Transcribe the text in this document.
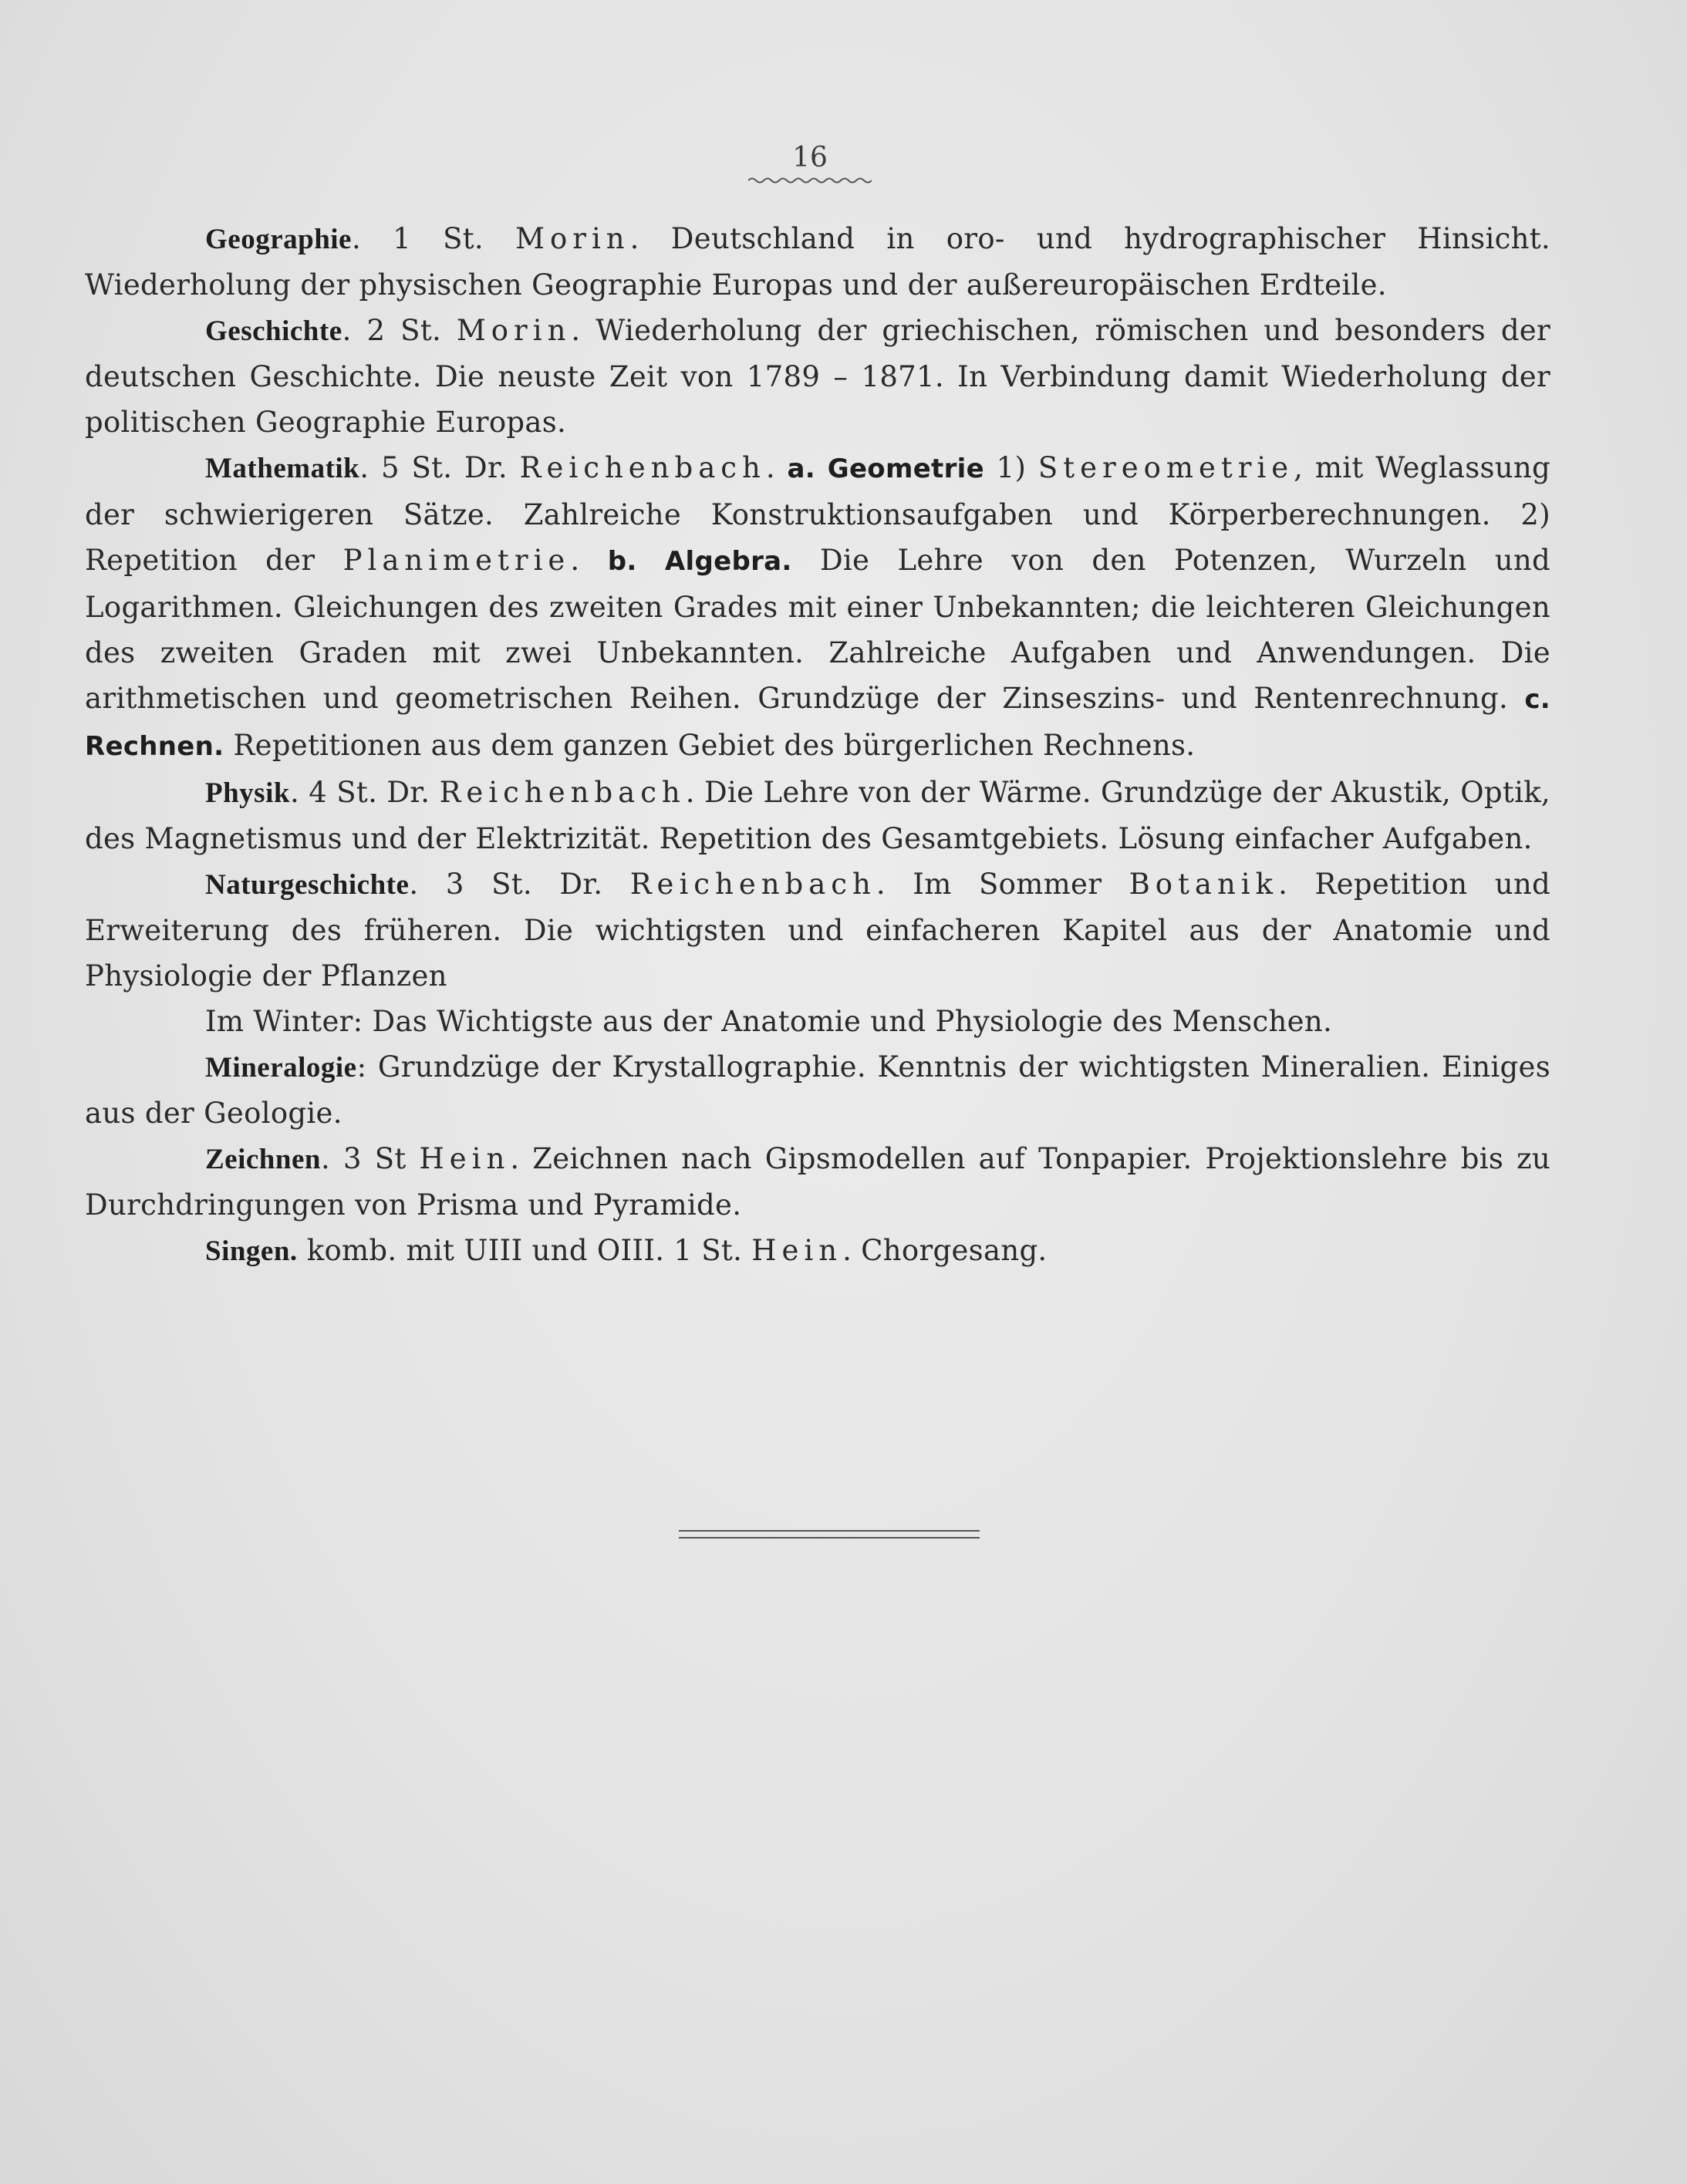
16

Geographie. 1 St. Morin. Deutschland in oro- und hydrographischer Hinsicht. Wiederholung der physischen Geographie Europas und der außereuropäischen Erdteile.

Geschichte. 2 St. Morin. Wiederholung der griechischen, römischen und besonders der deutschen Geschichte. Die neuste Zeit von 1789 – 1871. In Verbindung damit Wiederholung der politischen Geographie Europas.

Mathematik. 5 St. Dr. Reichenbach. a. Geometrie 1) Stereometrie, mit Weglassung der schwierigeren Sätze. Zahlreiche Konstruktionsaufgaben und Körperberechnungen. 2) Repetition der Planimetrie. b. Algebra. Die Lehre von den Potenzen, Wurzeln und Logarithmen. Gleichungen des zweiten Grades mit einer Unbekannten; die leichteren Gleichungen des zweiten Graden mit zwei Unbekannten. Zahlreiche Aufgaben und Anwendungen. Die arithmetischen und geometrischen Reihen. Grundzüge der Zinseszins- und Rentenrechnung. c. Rechnen. Repetitionen aus dem ganzen Gebiet des bürgerlichen Rechnens.

Physik. 4 St. Dr. Reichenbach. Die Lehre von der Wärme. Grundzüge der Akustik, Optik, des Magnetismus und der Elektrizität. Repetition des Gesamtgebiets. Lösung einfacher Aufgaben.

Naturgeschichte. 3 St. Dr. Reichenbach. Im Sommer Botanik. Repetition und Erweiterung des früheren. Die wichtigsten und einfacheren Kapitel aus der Anatomie und Physiologie der Pflanzen

Im Winter: Das Wichtigste aus der Anatomie und Physiologie des Menschen.

Mineralogie: Grundzüge der Krystallographie. Kenntnis der wichtigsten Mineralien. Einiges aus der Geologie.

Zeichnen. 3 St Hein. Zeichnen nach Gipsmodellen auf Tonpapier. Projektionslehre bis zu Durchdringungen von Prisma und Pyramide.

Singen. komb. mit UIII und OIII. 1 St. Hein. Chorgesang.
